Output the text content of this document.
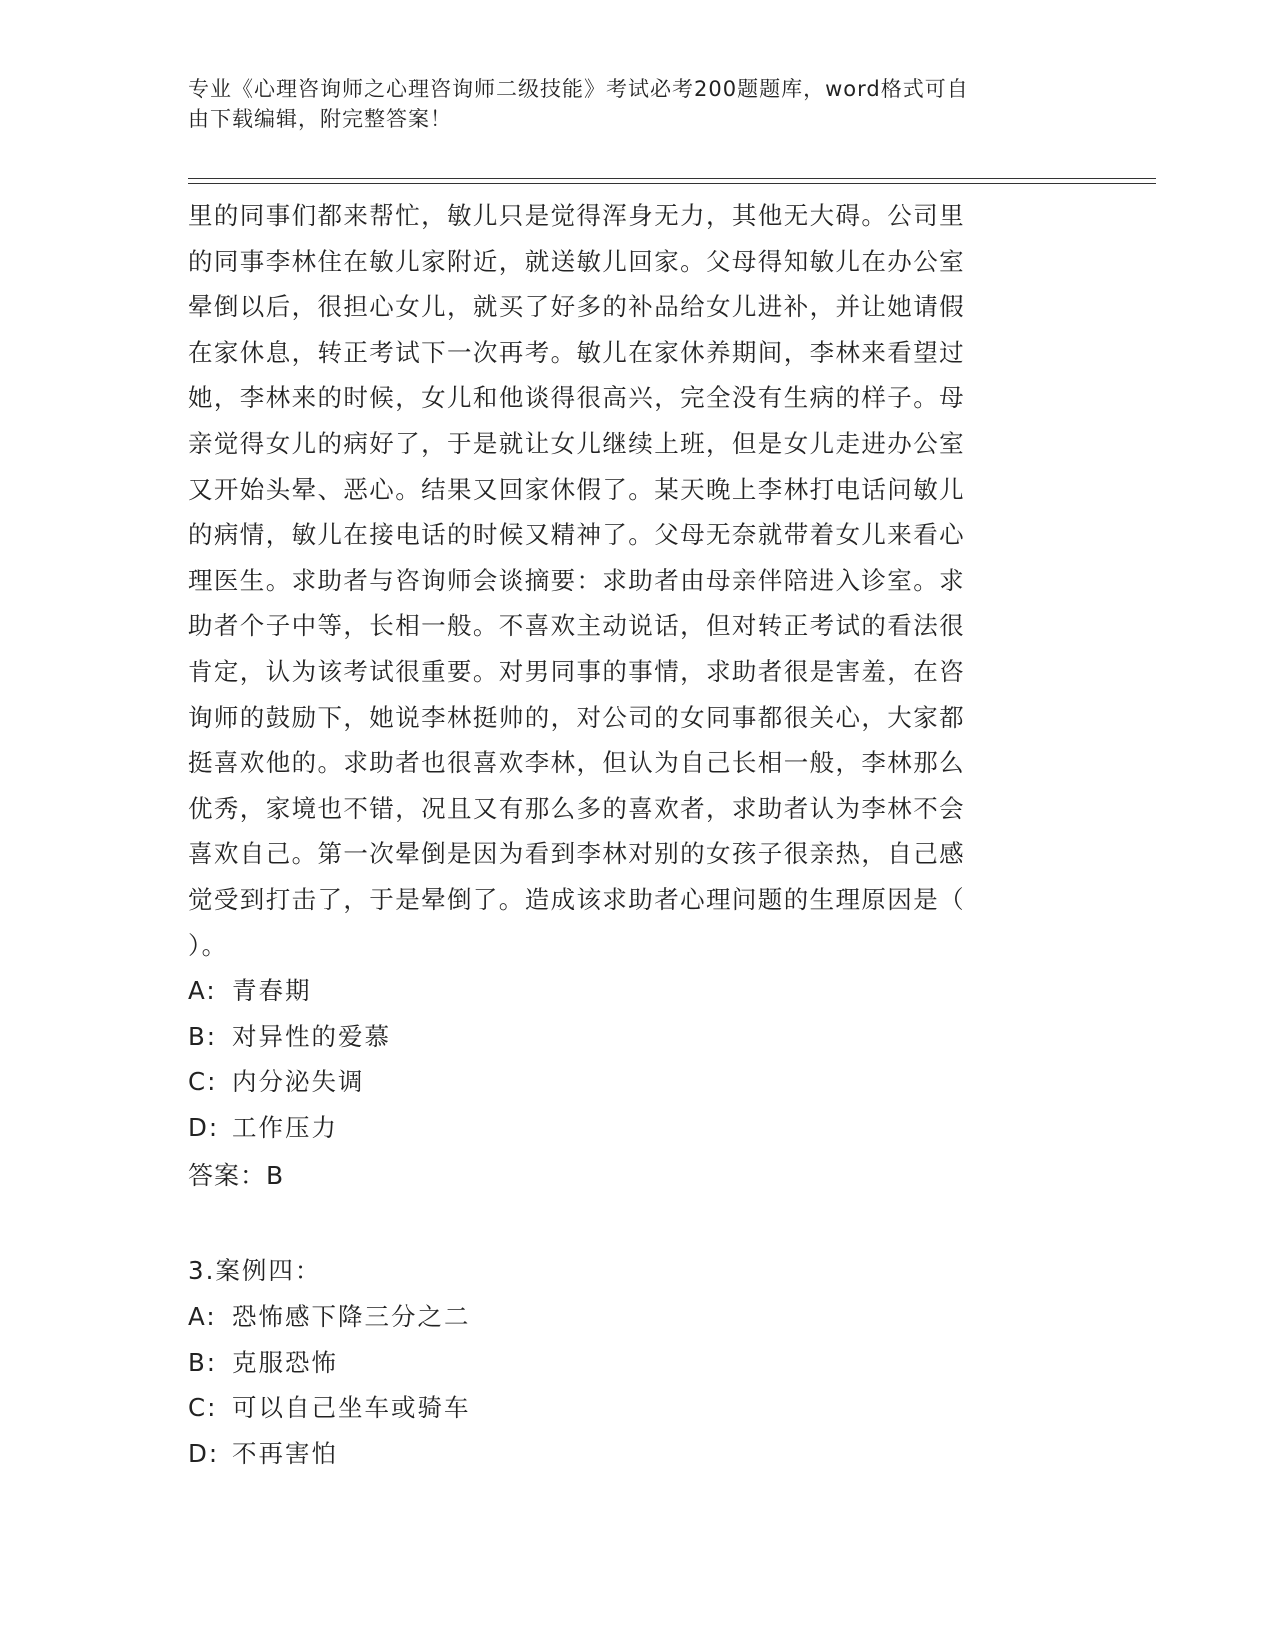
专业《心理咨询师之心理咨询师二级技能》考试必考200题题库，word格式可自
由下载编辑，附完整答案！

里的同事们都来帮忙，敏儿只是觉得浑身无力，其他无大碍。公司里
的同事李林住在敏儿家附近，就送敏儿回家。父母得知敏儿在办公室
晕倒以后，很担心女儿，就买了好多的补品给女儿进补，并让她请假
在家休息，转正考试下一次再考。敏儿在家休养期间，李林来看望过
她，李林来的时候，女儿和他谈得很高兴，完全没有生病的样子。母
亲觉得女儿的病好了，于是就让女儿继续上班，但是女儿走进办公室
又开始头晕、恶心。结果又回家休假了。某天晚上李林打电话问敏儿
的病情，敏儿在接电话的时候又精神了。父母无奈就带着女儿来看心
理医生。求助者与咨询师会谈摘要：求助者由母亲伴陪进入诊室。求
助者个子中等，长相一般。不喜欢主动说话，但对转正考试的看法很
肯定，认为该考试很重要。对男同事的事情，求助者很是害羞，在咨
询师的鼓励下，她说李林挺帅的，对公司的女同事都很关心，大家都
挺喜欢他的。求助者也很喜欢李林，但认为自己长相一般，李林那么
优秀，家境也不错，况且又有那么多的喜欢者，求助者认为李林不会
喜欢自己。第一次晕倒是因为看到李林对别的女孩子很亲热，自己感
觉受到打击了，于是晕倒了。造成该求助者心理问题的生理原因是（
）。

A: 青春期
B: 对异性的爱慕
C: 内分泌失调
D: 工作压力
答案：B
3.案例四：
A: 恐怖感下降三分之二
B: 克服恐怖
C: 可以自己坐车或骑车
D: 不再害怕
